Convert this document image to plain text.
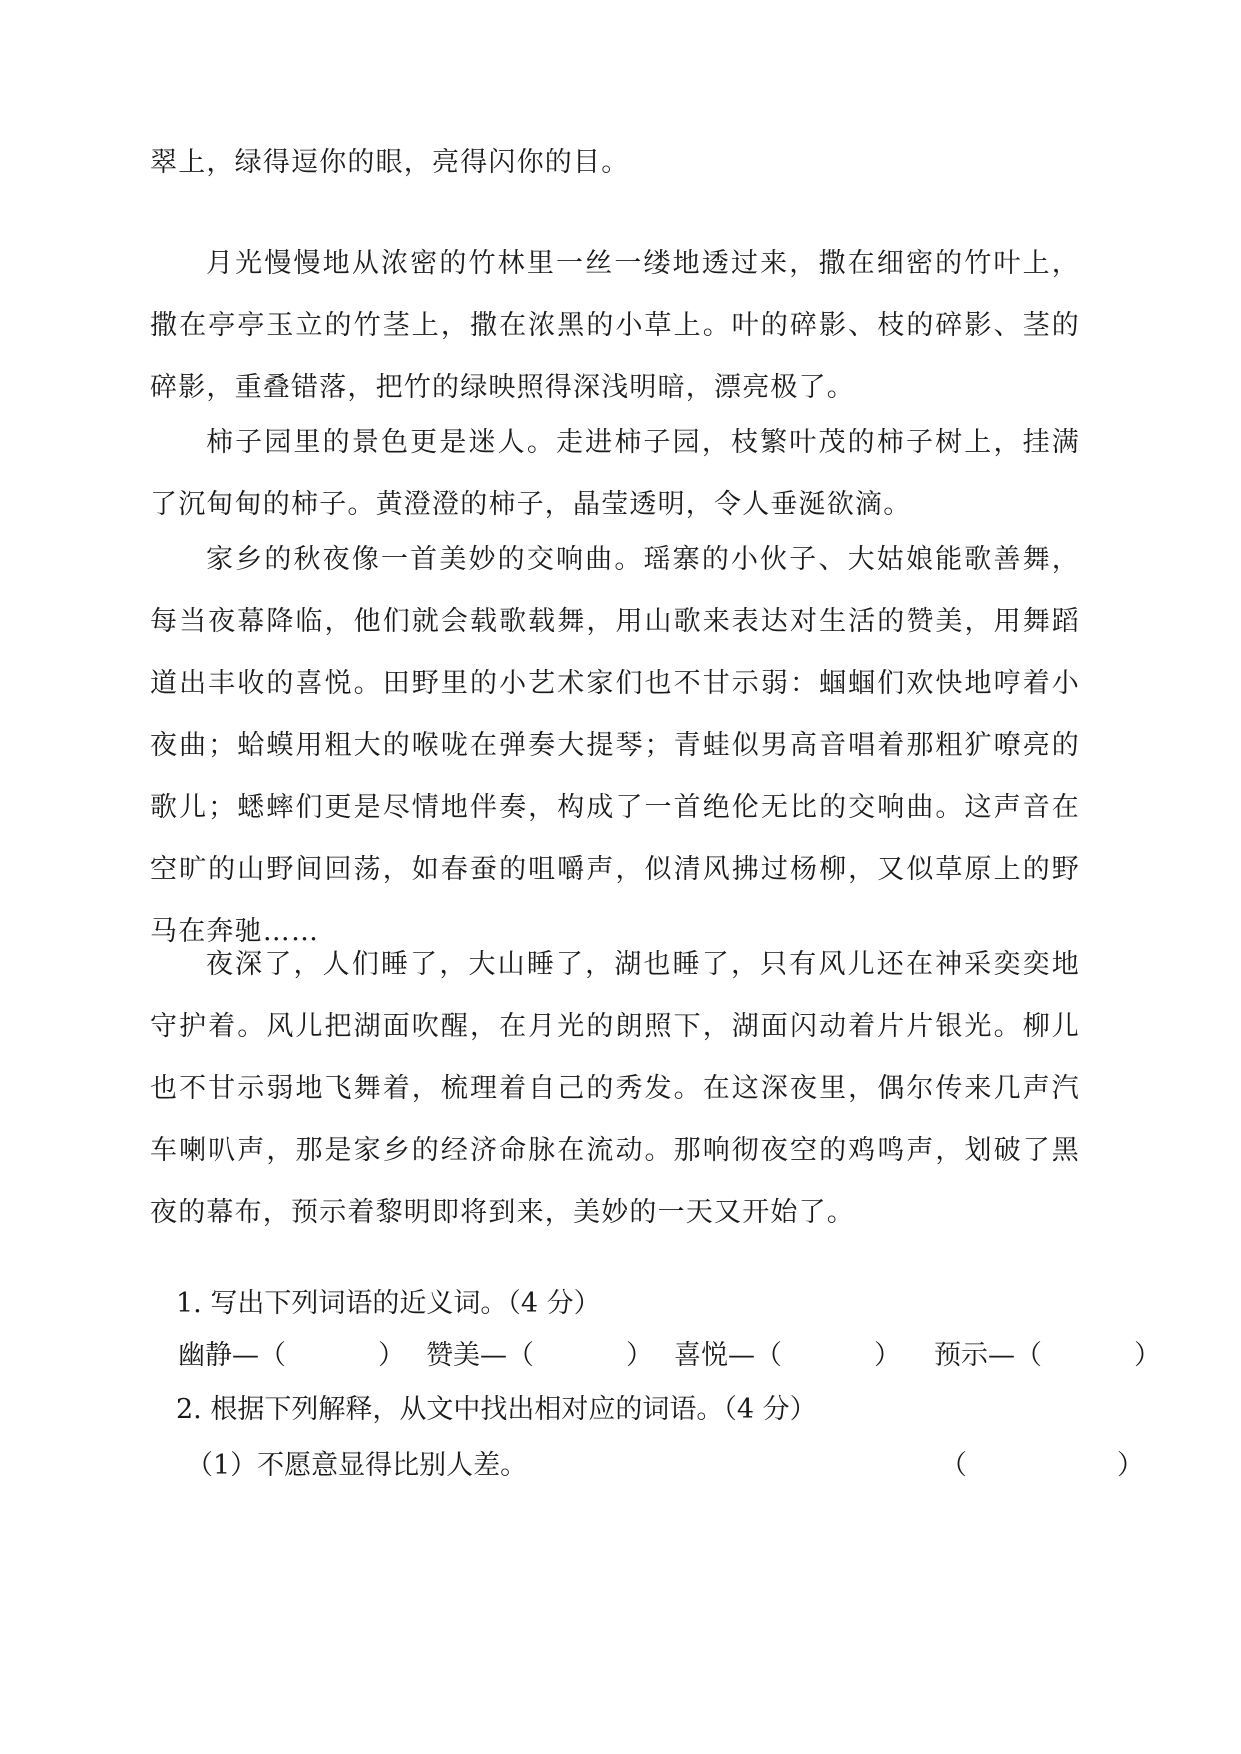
翠上，绿得逗你的眼，亮得闪你的目。

月光慢慢地从浓密的竹林里一丝一缕地透过来，撒在细密的竹叶上，撒在亭亭玉立的竹茎上，撒在浓黑的小草上。叶的碎影、枝的碎影、茎的碎影，重叠错落，把竹的绿映照得深浅明暗，漂亮极了。

柿子园里的景色更是迷人。走进柿子园，枝繁叶茂的柿子树上，挂满了沉甸甸的柿子。黄澄澄的柿子，晶莹透明，令人垂涎欲滴。

家乡的秋夜像一首美妙的交响曲。瑶寨的小伙子、大姑娘能歌善舞，每当夜幕降临，他们就会载歌载舞，用山歌来表达对生活的赞美，用舞蹈道出丰收的喜悦。田野里的小艺术家们也不甘示弱：蝈蝈们欢快地哼着小夜曲；蛤蟆用粗大的喉咙在弹奏大提琴；青蛙似男高音唱着那粗犷嘹亮的歌儿；蟋蟀们更是尽情地伴奏，构成了一首绝伦无比的交响曲。这声音在空旷的山野间回荡，如春蚕的咀嚼声，似清风拂过杨柳，又似草原上的野马在奔驰……

夜深了，人们睡了，大山睡了，湖也睡了，只有风儿还在神采奕奕地守护着。风儿把湖面吹醒，在月光的朗照下，湖面闪动着片片银光。柳儿也不甘示弱地飞舞着，梳理着自己的秀发。在这深夜里，偶尔传来几声汽车喇叭声，那是家乡的经济命脉在流动。那响彻夜空的鸡鸣声，划破了黑夜的幕布，预示着黎明即将到来，美妙的一天又开始了。

1. 写出下列词语的近义词。（4 分）

幽静—（	） 赞美—（	） 喜悦—（	） 预示—（	）

2. 根据下列解释，从文中找出相对应的词语。（4 分）

（1）不愿意显得比别人差。	（	）
